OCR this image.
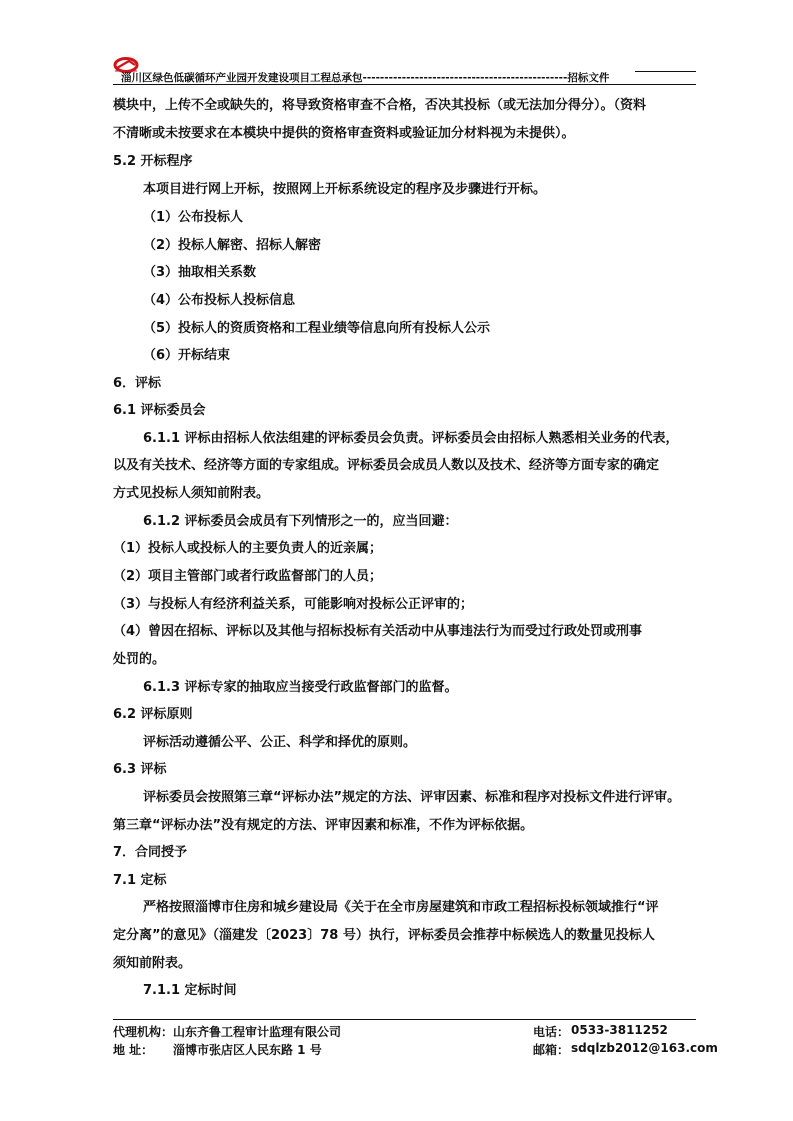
淄川区绿色低碳循环产业园开发建设项目工程总承包-----------------------------------------------招标文件
模块中，上传不全或缺失的，将导致资格审查不合格，否决其投标（或无法加分得分）。（资料
不清晰或未按要求在本模块中提供的资格审查资料或验证加分材料视为未提供）。
5.2 开标程序
本项目进行网上开标，按照网上开标系统设定的程序及步骤进行开标。
（1）公布投标人
（2）投标人解密、招标人解密
（3）抽取相关系数
（4）公布投标人投标信息
（5）投标人的资质资格和工程业绩等信息向所有投标人公示
（6）开标结束
6．评标
6.1 评标委员会
6.1.1 评标由招标人依法组建的评标委员会负责。评标委员会由招标人熟悉相关业务的代表，
以及有关技术、经济等方面的专家组成。评标委员会成员人数以及技术、经济等方面专家的确定
方式见投标人须知前附表。
6.1.2 评标委员会成员有下列情形之一的，应当回避：
（1）投标人或投标人的主要负责人的近亲属；
（2）项目主管部门或者行政监督部门的人员；
（3）与投标人有经济利益关系，可能影响对投标公正评审的；
（4）曾因在招标、评标以及其他与招标投标有关活动中从事违法行为而受过行政处罚或刑事
处罚的。
6.1.3 评标专家的抽取应当接受行政监督部门的监督。
6.2 评标原则
评标活动遵循公平、公正、科学和择优的原则。
6.3 评标
评标委员会按照第三章“评标办法”规定的方法、评审因素、标准和程序对投标文件进行评审。
第三章“评标办法”没有规定的方法、评审因素和标准，不作为评标依据。
7．合同授予
7.1 定标
严格按照淄博市住房和城乡建设局《关于在全市房屋建筑和市政工程招标投标领域推行“评
定分离”的意见》（淄建发〔2023〕78 号）执行，评标委员会推荐中标候选人的数量见投标人
须知前附表。
7.1.1 定标时间
代理机构： 山东齐鲁工程审计监理有限公司
地 址： 淄博市张店区人民东路 1 号
电话： 0533-3811252
邮箱： sdqlzb2012@163.com
